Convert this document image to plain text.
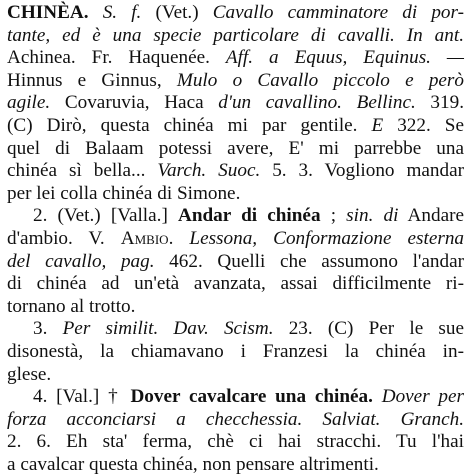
CHINÈA. S. f. (Vet.) Cavallo camminatore di por-
tante, ed è una specie particolare di cavalli. In ant.
Achinea. Fr. Haquenée. Aff. a Equus, Equinus. —
Hinnus e Ginnus, Mulo o Cavallo piccolo e però
agile. Covaruvia, Haca d'un cavallino. Bellinc. 319.
(C) Dirò, questa chinéa mi par gentile. E 322. Se
quel di Balaam potessi avere, E' mi parrebbe una
chinéa sì bella... Varch. Suoc. 5. 3. Vogliono mandar
per lei colla chinéa di Simone.
2. (Vet.) [Valla.] Andar di chinéa ; sin. di Andare
d'ambio. V. Ambio. Lessona, Conformazione esterna
del cavallo, pag. 462. Quelli che assumono l'andar
di chinéa ad un'età avanzata, assai difficilmente ri-
tornano al trotto.
3. Per similit. Dav. Scism. 23. (C) Per le sue
disonestà, la chiamavano i Franzesi la chinéa in-
glese.
4. [Val.] † Dover cavalcare una chinéa. Dover per
forza acconciarsi a checchessia. Salviat. Granch.
2. 6. Eh sta' ferma, chè ci hai stracchi. Tu l'hai
a cavalcar questa chinéa, non pensare altrimenti.
